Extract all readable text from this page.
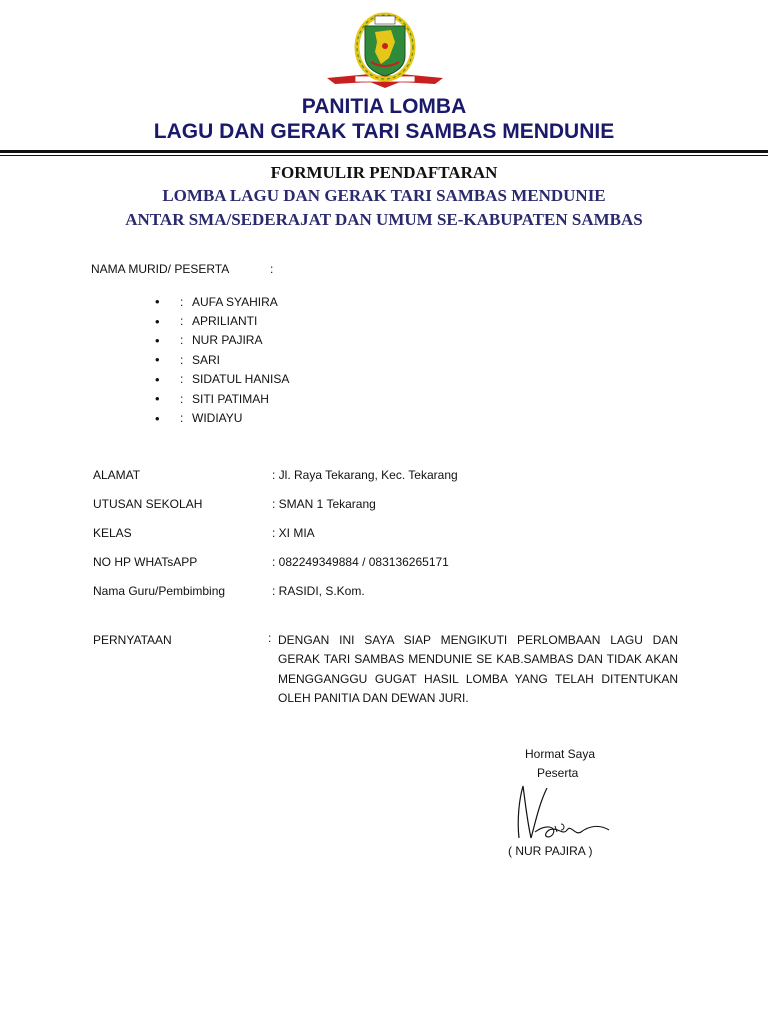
PANITIA LOMBA
LAGU DAN GERAK TARI SAMBAS MENDUNIE
FORMULIR PENDAFTARAN
LOMBA LAGU DAN GERAK TARI SAMBAS MENDUNIE
ANTAR SMA/SEDERAJAT DAN UMUM SE-KABUPATEN SAMBAS
NAMA MURID/ PESERTA	:
•	: AUFA SYAHIRA
•	: APRILIANTI
•	: NUR PAJIRA
•	: SARI
•	: SIDATUL HANISA
•	: SITI PATIMAH
•	: WIDIAYU
ALAMAT	: Jl. Raya Tekarang, Kec. Tekarang
UTUSAN SEKOLAH	: SMAN 1 Tekarang
KELAS	: XI MIA
NO HP WHATsAPP	: 082249349884 / 083136265171
Nama Guru/Pembimbing	: RASIDI, S.Kom.
PERNYATAAN	: DENGAN INI SAYA SIAP MENGIKUTI PERLOMBAAN LAGU DAN GERAK TARI SAMBAS MENDUNIE SE KAB.SAMBAS DAN TIDAK AKAN MENGGANGGU GUGAT HASIL LOMBA YANG TELAH DITENTUKAN OLEH PANITIA DAN DEWAN JURI.
Hormat Saya
Peserta
( NUR PAJIRA )
